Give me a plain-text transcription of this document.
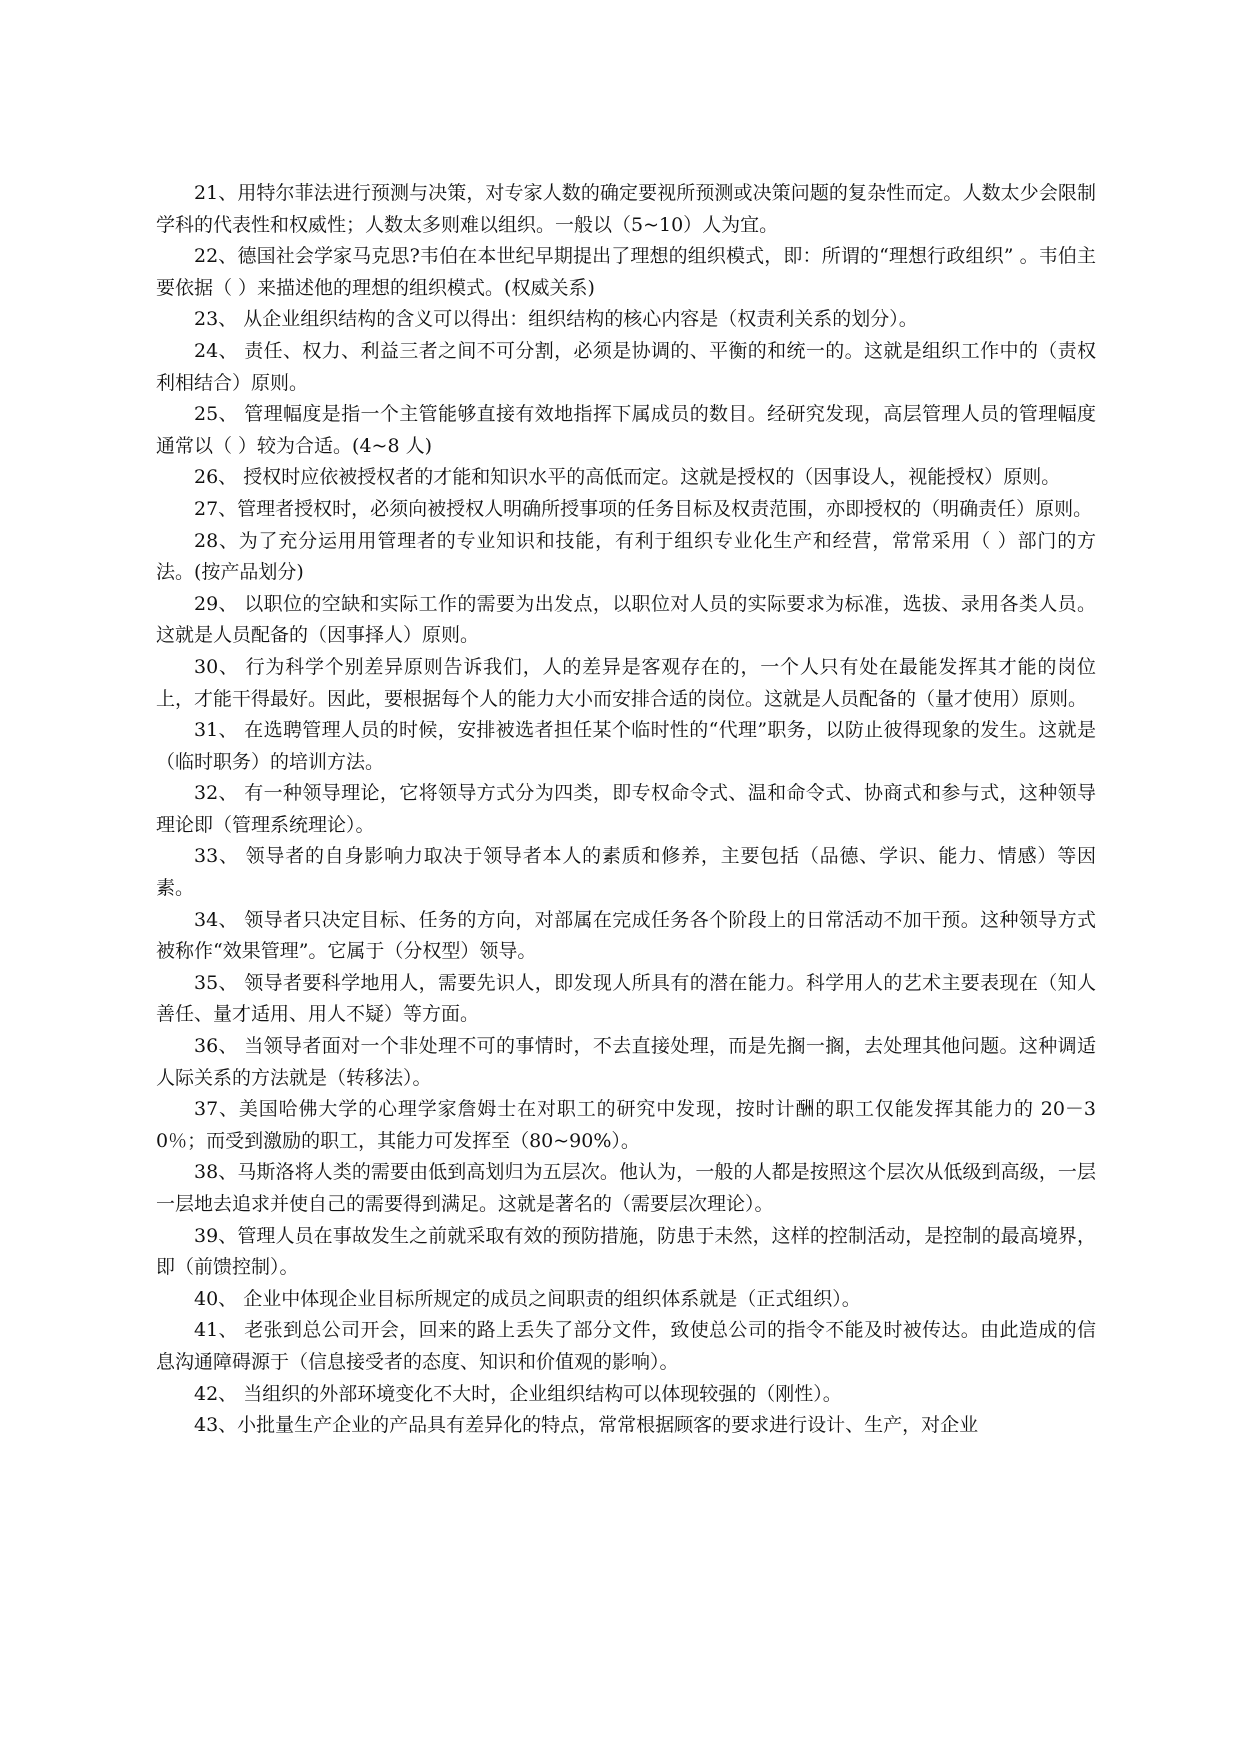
21、用特尔菲法进行预测与决策，对专家人数的确定要视所预测或决策问题的复杂性而定。人数太少会限制学科的代表性和权威性；人数太多则难以组织。一般以（5~10）人为宜。

22、德国社会学家马克思?韦伯在本世纪早期提出了理想的组织模式，即：所谓的“理想行政组织” 。韦伯主要依据（ ）来描述他的理想的组织模式。(权威关系)

23、 从企业组织结构的含义可以得出：组织结构的核心内容是（权责利关系的划分）。

24、 责任、权力、利益三者之间不可分割，必须是协调的、平衡的和统一的。这就是组织工作中的（责权利相结合）原则。

25、 管理幅度是指一个主管能够直接有效地指挥下属成员的数目。经研究发现，高层管理人员的管理幅度通常以（ ）较为合适。(4~8 人)

26、 授权时应依被授权者的才能和知识水平的高低而定。这就是授权的（因事设人，视能授权）原则。

27、管理者授权时，必须向被授权人明确所授事项的任务目标及权责范围，亦即授权的（明确责任）原则。

28、为了充分运用用管理者的专业知识和技能，有利于组织专业化生产和经营，常常采用（ ）部门的方法。(按产品划分)

29、 以职位的空缺和实际工作的需要为出发点，以职位对人员的实际要求为标准，选拔、录用各类人员。这就是人员配备的（因事择人）原则。

30、 行为科学个别差异原则告诉我们，人的差异是客观存在的，一个人只有处在最能发挥其才能的岗位上，才能干得最好。因此，要根据每个人的能力大小而安排合适的岗位。这就是人员配备的（量才使用）原则。

31、 在选聘管理人员的时候，安排被选者担任某个临时性的“代理”职务，以防止彼得现象的发生。这就是（临时职务）的培训方法。

32、 有一种领导理论，它将领导方式分为四类，即专权命令式、温和命令式、协商式和参与式，这种领导理论即（管理系统理论）。

33、 领导者的自身影响力取决于领导者本人的素质和修养，主要包括（品德、学识、能力、情感）等因素。

34、 领导者只决定目标、任务的方向，对部属在完成任务各个阶段上的日常活动不加干预。这种领导方式被称作“效果管理”。它属于（分权型）领导。

35、 领导者要科学地用人，需要先识人，即发现人所具有的潜在能力。科学用人的艺术主要表现在（知人善任、量才适用、用人不疑）等方面。

36、 当领导者面对一个非处理不可的事情时，不去直接处理，而是先搁一搁，去处理其他问题。这种调适人际关系的方法就是（转移法）。

37、美国哈佛大学的心理学家詹姆士在对职工的研究中发现，按时计酬的职工仅能发挥其能力的 20－30％；而受到激励的职工，其能力可发挥至（80~90%）。

38、马斯洛将人类的需要由低到高划归为五层次。他认为，一般的人都是按照这个层次从低级到高级，一层一层地去追求并使自己的需要得到满足。这就是著名的（需要层次理论）。

39、管理人员在事故发生之前就采取有效的预防措施，防患于未然，这样的控制活动，是控制的最高境界，即（前馈控制）。

40、 企业中体现企业目标所规定的成员之间职责的组织体系就是（正式组织）。

41、 老张到总公司开会，回来的路上丢失了部分文件，致使总公司的指令不能及时被传达。由此造成的信息沟通障碍源于（信息接受者的态度、知识和价值观的影响）。

42、 当组织的外部环境变化不大时，企业组织结构可以体现较强的（刚性）。

43、小批量生产企业的产品具有差异化的特点，常常根据顾客的要求进行设计、生产，对企业
